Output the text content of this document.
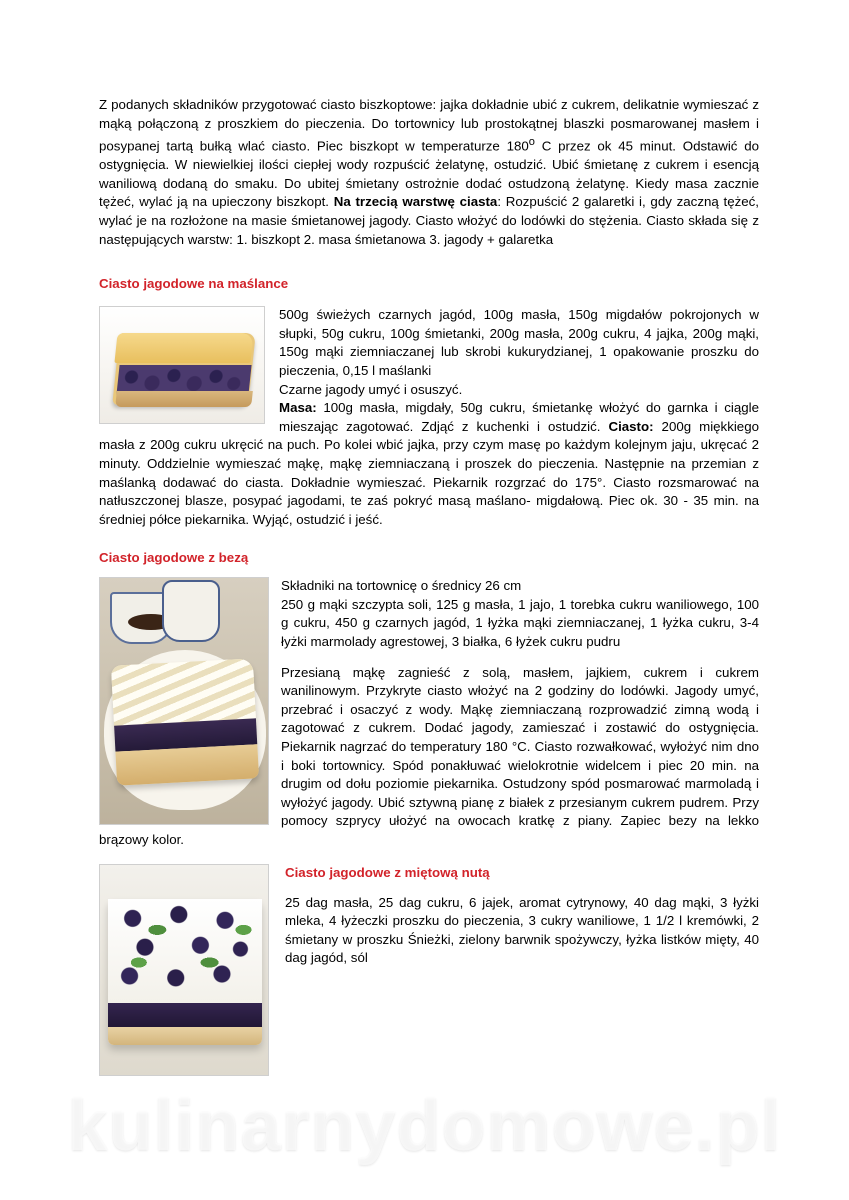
Z podanych składników przygotować ciasto biszkoptowe: jajka dokładnie ubić z cukrem, delikatnie wymieszać z mąką połączoną z proszkiem do pieczenia. Do tortownicy lub prostokątnej blaszki posmarowanej masłem i posypanej tartą bułką wlać ciasto. Piec biszkopt w temperaturze 180$^o$ C przez ok 45 minut. Odstawić do ostygnięcia. W niewielkiej ilości ciepłej wody rozpuścić żelatynę, ostudzić. Ubić śmietanę z cukrem i esencją waniliową dodaną do smaku. Do ubitej śmietany ostrożnie dodać ostudzoną żelatynę. Kiedy masa zacznie tężeć, wylać ją na upieczony biszkopt. Na trzecią warstwę ciasta: Rozpuścić 2 galaretki i, gdy zaczną tężeć, wylać je na rozłożone na masie śmietanowej jagody. Ciasto włożyć do lodówki do stężenia. Ciasto składa się z następujących warstw: 1. biszkopt 2. masa śmietanowa 3. jagody + galaretka

Ciasto jagodowe na maślance

500g świeżych czarnych jagód, 100g masła, 150g migdałów pokrojonych w słupki, 50g cukru, 100g śmietanki, 200g masła, 200g cukru, 4 jajka, 200g mąki, 150g mąki ziemniaczanej lub skrobi kukurydzianej, 1 opakowanie proszku do pieczenia, 0,15 l maślanki

Czarne jagody umyć i osuszyć.

Masa: 100g masła, migdały, 50g cukru, śmietankę włożyć do garnka i ciągle mieszając zagotować. Zdjąć z kuchenki i ostudzić. Ciasto: 200g miękkiego masła z 200g cukru ukręcić na puch. Po kolei wbić jajka, przy czym masę po każdym kolejnym jaju, ukręcać 2 minuty. Oddzielnie wymieszać mąkę, mąkę ziemniaczaną i proszek do pieczenia. Następnie na przemian z maślanką dodawać do ciasta. Dokładnie wymieszać. Piekarnik rozgrzać do 175°. Ciasto rozsmarować na natłuszczonej blasze, posypać jagodami, te zaś pokryć masą maślano- migdałową. Piec ok. 30 - 35 min. na średniej półce piekarnika. Wyjąć, ostudzić i jeść.

Ciasto jagodowe z bezą

Składniki na tortownicę o średnicy 26 cm

250 g mąki szczypta soli, 125 g masła, 1 jajo, 1 torebka cukru waniliowego, 100 g cukru, 450 g czarnych jagód, 1 łyżka mąki ziemniaczanej, 1 łyżka cukru, 3-4 łyżki marmolady agrestowej, 3 białka, 6 łyżek cukru pudru

Przesianą mąkę zagnieść z solą, masłem, jajkiem, cukrem i cukrem wanilinowym. Przykryte ciasto włożyć na 2 godziny do lodówki. Jagody umyć, przebrać i osaczyć z wody. Mąkę ziemniaczaną rozprowadzić zimną wodą i zagotować z cukrem. Dodać jagody, zamieszać i zostawić do ostygnięcia. Piekarnik nagrzać do temperatury 180 °C. Ciasto rozwałkować, wyłożyć nim dno i boki tortownicy. Spód ponakłuwać wielokrotnie widelcem i piec 20 min. na drugim od dołu poziomie piekarnika. Ostudzony spód posmarować marmoladą i wyłożyć jagody. Ubić sztywną pianę z białek z przesianym cukrem pudrem. Przy pomocy szprycy ułożyć na owocach kratkę z piany. Zapiec bezy na lekko brązowy kolor.

Ciasto jagodowe z miętową nutą

25 dag masła, 25 dag cukru, 6 jajek, aromat cytrynowy, 40 dag mąki, 3 łyżki mleka, 4 łyżeczki proszku do pieczenia, 3 cukry waniliowe, 1 1/2 l kremówki, 2 śmietany w proszku Śnieżki, zielony barwnik spożywczy, łyżka listków mięty, 40 dag jagód, sól

kulinarnydomowe.pl
